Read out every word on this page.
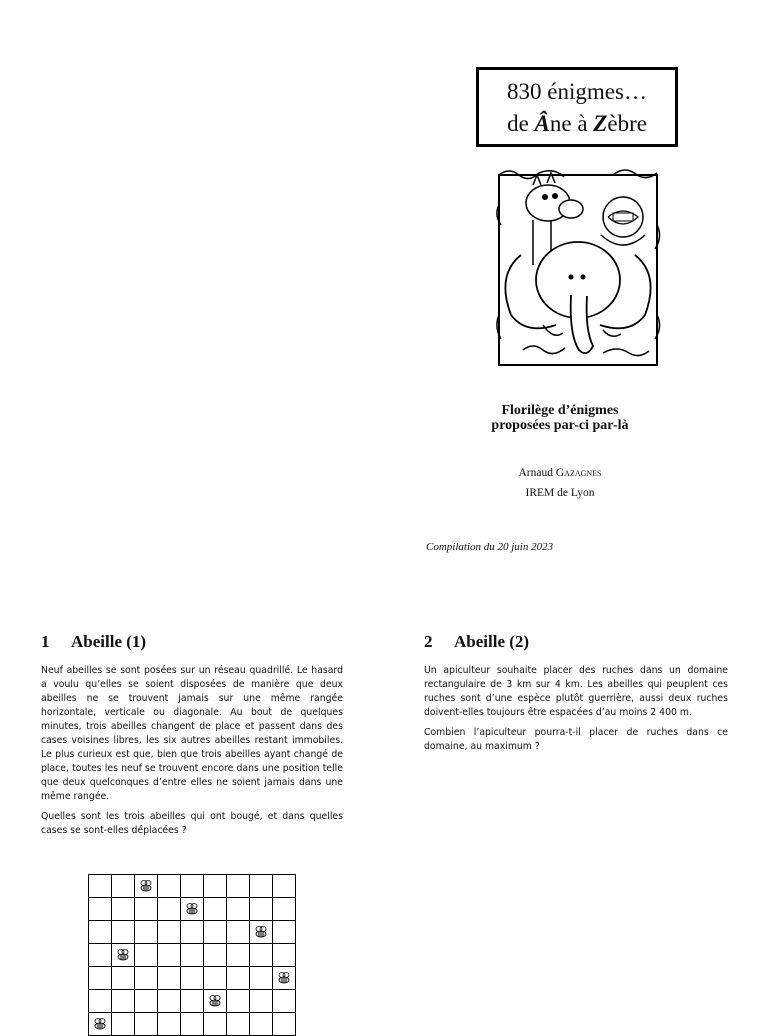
830 énigmes…
de Âne à Zèbre
Florilège d’énigmes
proposées par-ci par-là
Arnaud Gazagnes
IREM de Lyon
Compilation du 20 juin 2023
1 Abeille (1)

Neuf abeilles se sont posées sur un réseau quadrillé. Le hasard a voulu qu’elles se soient disposées de manière que deux abeilles ne se trouvent jamais sur une même rangée horizontale, verticale ou diagonale. Au bout de quelques minutes, trois abeilles changent de place et passent dans des cases voisines libres, les six autres abeilles restant immobiles. Le plus curieux est que, bien que trois abeilles ayant changé de place, toutes les neuf se trouvent encore dans une position telle que deux quelconques d’entre elles ne soient jamais dans une même rangée.

Quelles sont les trois abeilles qui ont bougé, et dans quelles cases se sont-elles déplacées ?

2 Abeille (2)

Un apiculteur souhaite placer des ruches dans un domaine rectangulaire de 3 km sur 4 km. Les abeilles qui peuplent ces ruches sont d’une espèce plutôt guerrière, aussi deux ruches doivent-elles toujours être espacées d’au moins 2 400 m.

Combien l’apiculteur pourra-t-il placer de ruches dans ce domaine, au maximum ?
